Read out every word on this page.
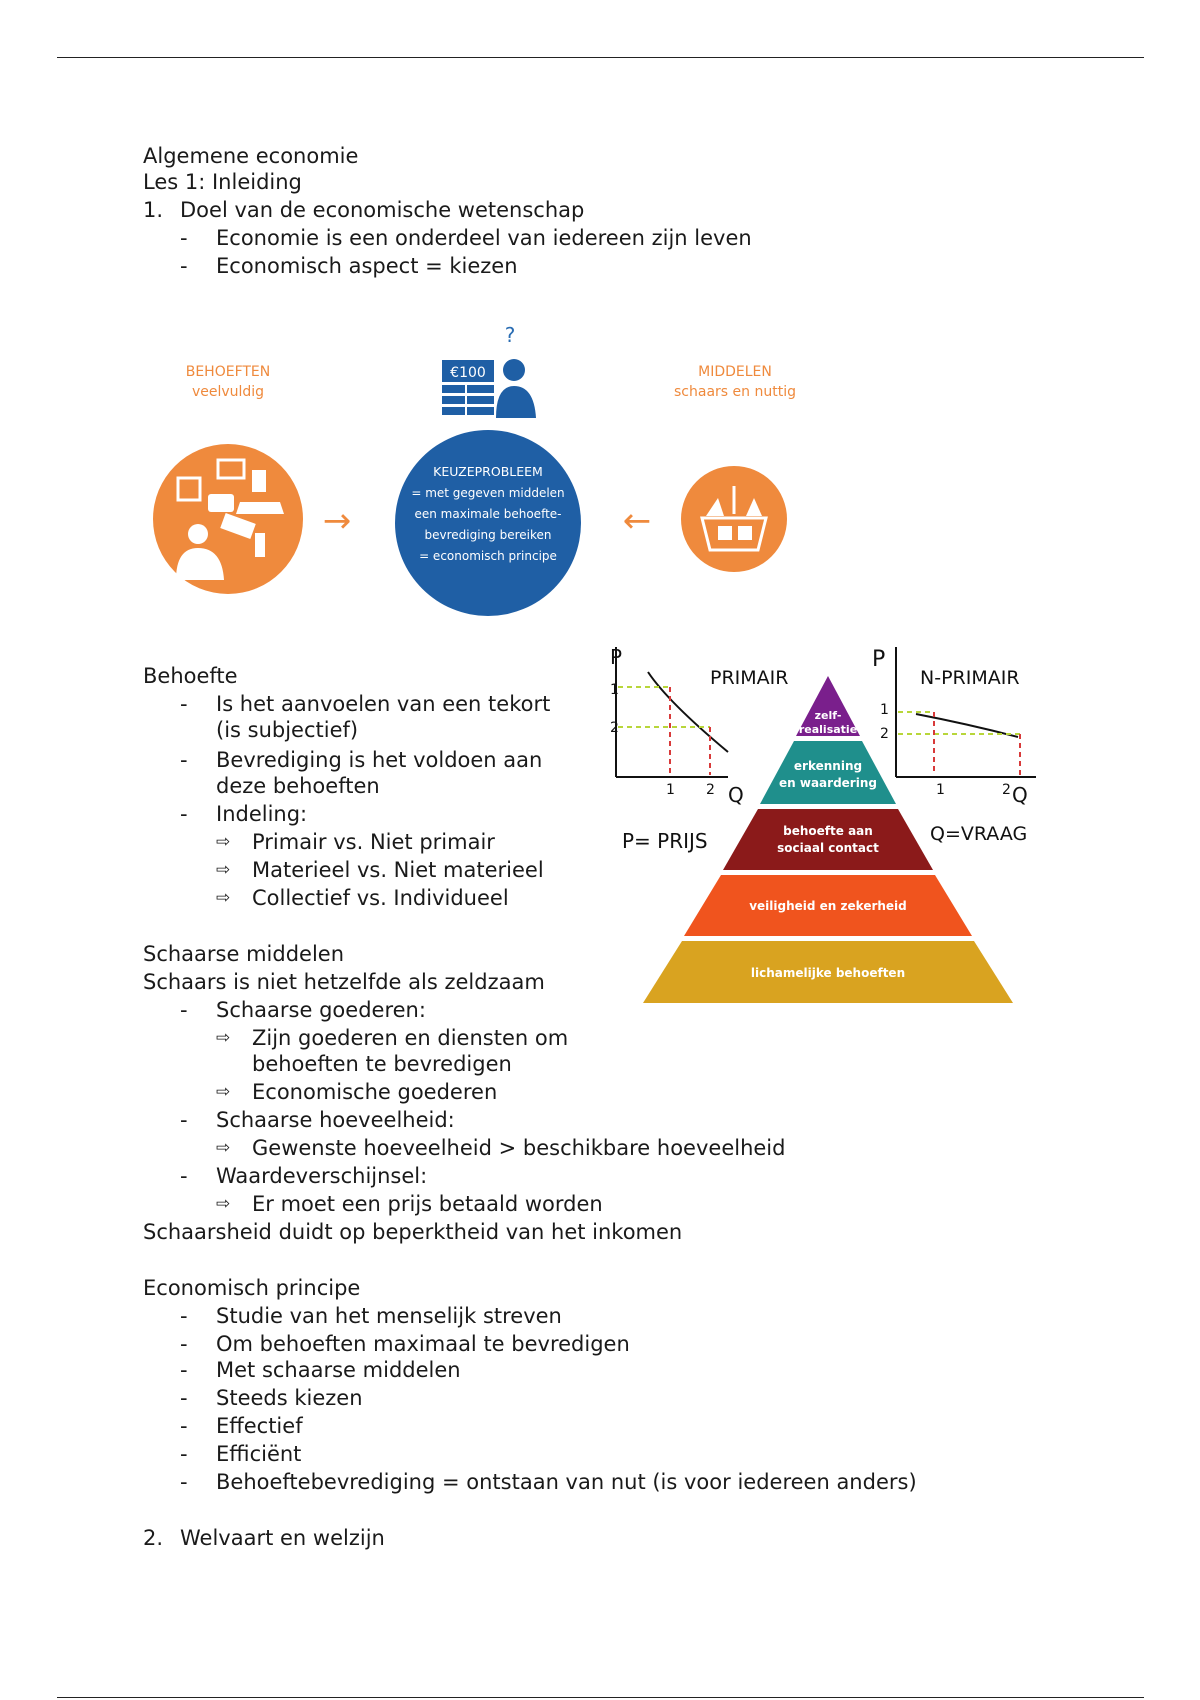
Algemene economie
Les 1: Inleiding
1. Doel van de economische wetenschap
- Economie is een onderdeel van iedereen zijn leven
- Economisch aspect = kiezen
?
BEHOEFTEN
veelvuldig
MIDDELEN
schaars en nuttig
€100
KEUZEPROBLEEM
= met gegeven middelen
een maximale behoefte-
bevrediging bereiken
= economisch principe
→	←
Behoefte
- Is het aanvoelen van een tekort
(is subjectief)
- Bevrediging is het voldoen aan
deze behoeften
- Indeling:
⇨ Primair vs. Niet primair
⇨ Materieel vs. Niet materieel
⇨ Collectief vs. Individueel
P
1
2
1 2 Q
PRIMAIR
P
N-PRIMAIR
1
2
1	2 Q
P= PRIJS	Q=VRAAG
zelf-
realisatie
erkenning
en waardering
behoefte aan
sociaal contact
veiligheid en zekerheid
lichamelijke behoeften
Schaarse middelen
Schaars is niet hetzelfde als zeldzaam
- Schaarse goederen:
⇨ Zijn goederen en diensten om
behoeften te bevredigen
⇨ Economische goederen
- Schaarse hoeveelheid:
⇨ Gewenste hoeveelheid > beschikbare hoeveelheid
- Waardeverschijnsel:
⇨ Er moet een prijs betaald worden
Schaarsheid duidt op beperktheid van het inkomen
Economisch principe
- Studie van het menselijk streven
- Om behoeften maximaal te bevredigen
- Met schaarse middelen
- Steeds kiezen
- Effectief
- Efficiënt
- Behoeftebevrediging = ontstaan van nut (is voor iedereen anders)
2. Welvaart en welzijn
